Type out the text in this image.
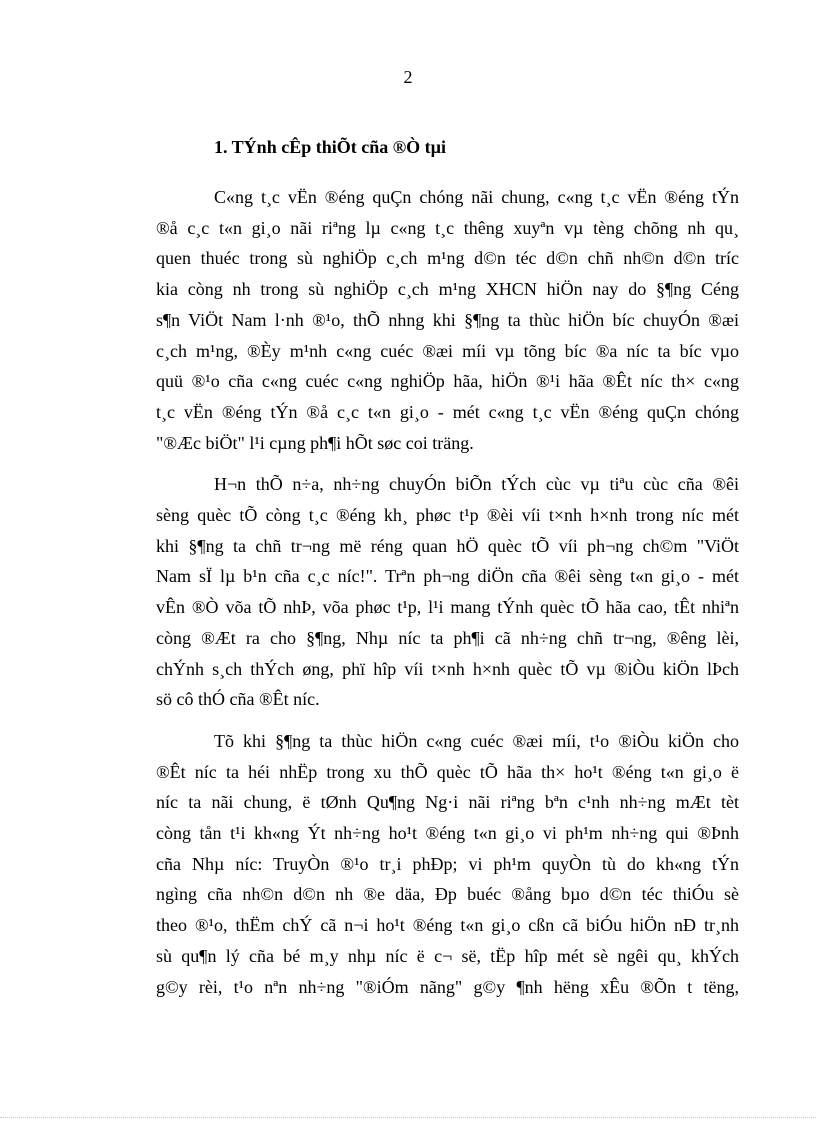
2
1. TÝnh cÊp thiÕt cña ®Ò tµi
C«ng t¸c vËn ®éng quÇn chóng nãi chung, c«ng t¸c vËn ®éng tÝn
®å c¸c t«n gi¸o nãi riªng lµ c«ng t¸c thêng xuyªn vµ tèng chõng nh qu¸
quen thuéc trong sù nghiÖp c¸ch m¹ng d©n téc d©n chñ nh©n d©n tríc
kia còng nh trong sù nghiÖp c¸ch m¹ng XHCN hiÖn nay do §¶ng Céng
s¶n ViÖt Nam l·nh ®¹o, thÕ nhng khi §¶ng ta thùc hiÖn bíc chuyÓn ®æi
c¸ch m¹ng, ®Èy m¹nh c«ng cuéc ®æi míi vµ tõng bíc ®a níc ta bíc vµo
quü ®¹o cña c«ng cuéc c«ng nghiÖp hãa, hiÖn ®¹i hãa ®Êt níc th× c«ng
t¸c vËn ®éng tÝn ®å c¸c t«n gi¸o - mét c«ng t¸c vËn ®éng quÇn chóng
"®Æc biÖt" l¹i cµng ph¶i hÕt søc coi träng.
H¬n thÕ n÷a, nh÷ng chuyÓn biÕn tÝch cùc vµ tiªu cùc cña ®êi
sèng quèc tÕ còng t¸c ®éng kh¸ phøc t¹p ®èi víi t×nh h×nh trong níc mét
khi §¶ng ta chñ tr¬ng më réng quan hÖ quèc tÕ víi ph¬ng ch©m "ViÖt
Nam sÏ lµ b¹n cña c¸c níc!". Trªn ph¬ng diÖn cña ®êi sèng t«n gi¸o - mét
vÊn ®Ò võa tÕ nhÞ, võa phøc t¹p, l¹i mang tÝnh quèc tÕ hãa cao, tÊt nhiªn
còng ®Æt ra cho §¶ng, Nhµ níc ta ph¶i cã nh÷ng chñ tr¬ng, ®êng lèi,
chÝnh s¸ch thÝch øng, phï hîp víi t×nh h×nh quèc tÕ vµ ®iÒu kiÖn lÞch
sö cô thÓ cña ®Êt níc.
Tõ khi §¶ng ta thùc hiÖn c«ng cuéc ®æi míi, t¹o ®iÒu kiÖn cho
®Êt níc ta héi nhËp trong xu thÕ quèc tÕ hãa th× ho¹t ®éng t«n gi¸o ë
níc ta nãi chung, ë tØnh Qu¶ng Ng·i nãi riªng bªn c¹nh nh÷ng mÆt tèt
còng tån t¹i kh«ng Ýt nh÷ng ho¹t ®éng t«n gi¸o vi ph¹m nh÷ng qui ®Þnh
cña Nhµ níc: TruyÒn ®¹o tr¸i phÐp; vi ph¹m quyÒn tù do kh«ng tÝn
ngìng cña nh©n d©n nh ®e däa, Ðp buéc ®ång bµo d©n téc thiÓu sè
theo ®¹o, thËm chÝ cã n¬i ho¹t ®éng t«n gi¸o cßn cã biÓu hiÖn nÐ tr¸nh
sù qu¶n lý cña bé m¸y nhµ níc ë c¬ së, tËp hîp mét sè ngêi qu¸ khÝch
g©y rèi, t¹o nªn nh÷ng "®iÓm nãng" g©y ¶nh hëng xÊu ®Õn t tëng,
